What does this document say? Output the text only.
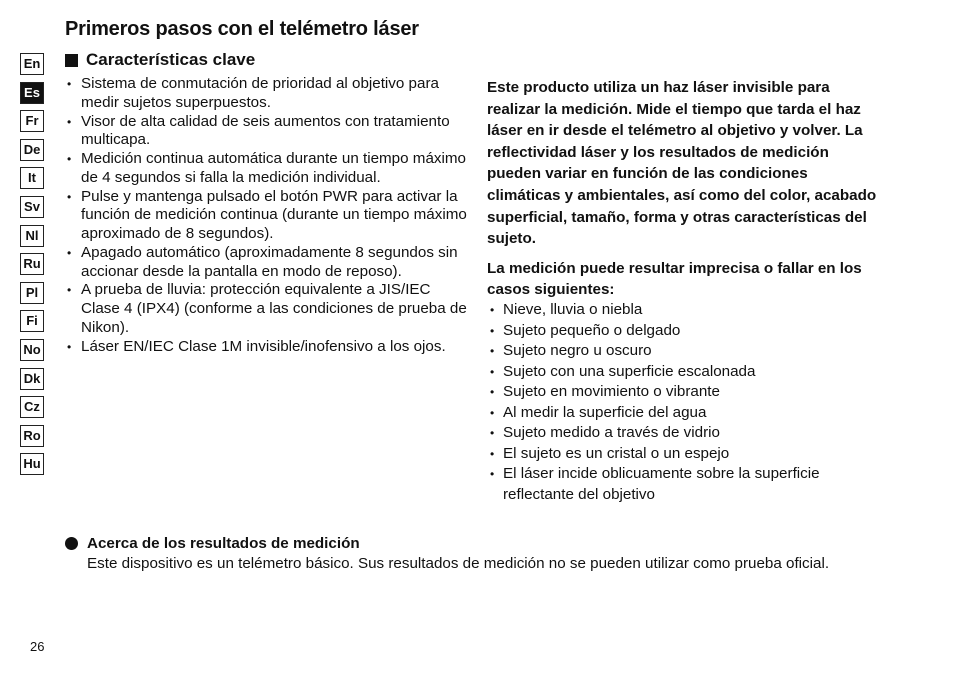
Primeros pasos con el telémetro láser
En
Es
Fr
De
It
Sv
Nl
Ru
Pl
Fi
No
Dk
Cz
Ro
Hu
Características clave
• Sistema de conmutación de prioridad al objetivo para medir sujetos superpuestos.
• Visor de alta calidad de seis aumentos con tratamiento multicapa.
• Medición continua automática durante un tiempo máximo de 4 segundos si falla la medición individual.
• Pulse y mantenga pulsado el botón PWR para activar la función de medición continua (durante un tiempo máximo aproximado de 8 segundos).
• Apagado automático (aproximadamente 8 segundos sin accionar desde la pantalla en modo de reposo).
• A prueba de lluvia: protección equivalente a JIS/IEC Clase 4 (IPX4) (conforme a las condiciones de prueba de Nikon).
• Láser EN/IEC Clase 1M invisible/inofensivo a los ojos.

Este producto utiliza un haz láser invisible para realizar la medición. Mide el tiempo que tarda el haz láser en ir desde el telémetro al objetivo y volver. La reflectividad láser y los resultados de medición pueden variar en función de las condiciones climáticas y ambientales, así como del color, acabado superficial, tamaño, forma y otras características del sujeto.

La medición puede resultar imprecisa o fallar en los casos siguientes:

• Nieve, lluvia o niebla
• Sujeto pequeño o delgado
• Sujeto negro u oscuro
• Sujeto con una superficie escalonada
• Sujeto en movimiento o vibrante
• Al medir la superficie del agua
• Sujeto medido a través de vidrio
• El sujeto es un cristal o un espejo
• El láser incide oblicuamente sobre la superficie reflectante del objetivo
Acerca de los resultados de medición

Este dispositivo es un telémetro básico. Sus resultados de medición no se pueden utilizar como prueba oficial.

26
